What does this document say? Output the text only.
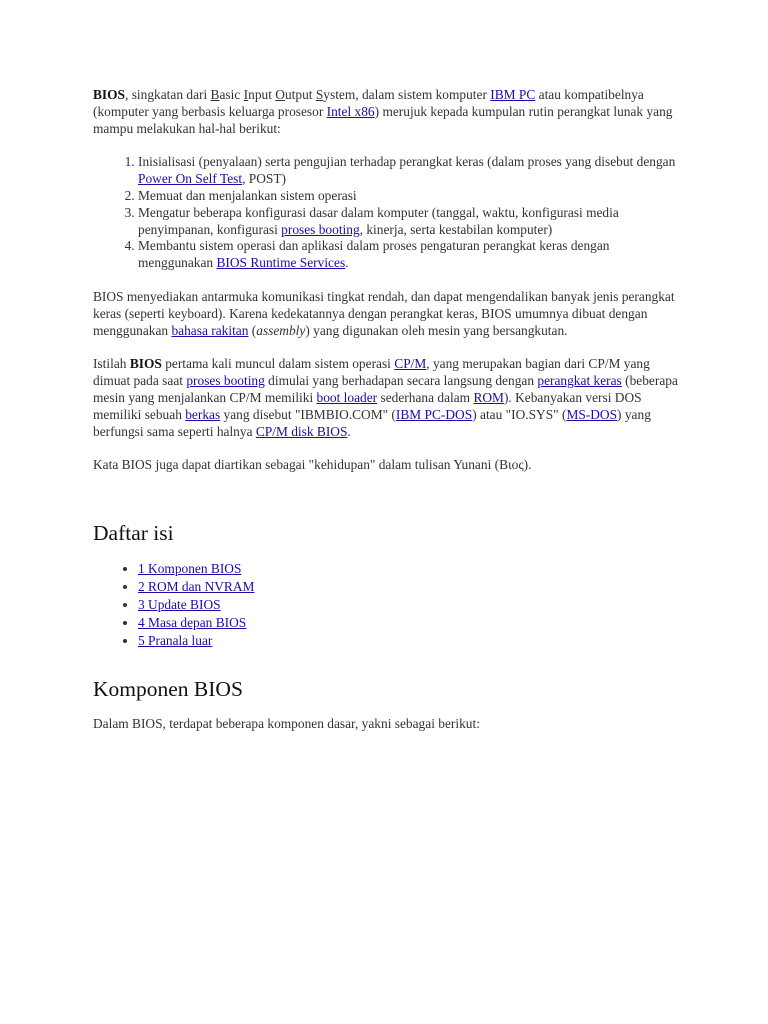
BIOS, singkatan dari Basic Input Output System, dalam sistem komputer IBM PC atau kompatibelnya (komputer yang berbasis keluarga prosesor Intel x86) merujuk kepada kumpulan rutin perangkat lunak yang mampu melakukan hal-hal berikut:

1. Inisialisasi (penyalaan) serta pengujian terhadap perangkat keras (dalam proses yang disebut dengan Power On Self Test, POST)
2. Memuat dan menjalankan sistem operasi
3. Mengatur beberapa konfigurasi dasar dalam komputer (tanggal, waktu, konfigurasi media penyimpanan, konfigurasi proses booting, kinerja, serta kestabilan komputer)
4. Membantu sistem operasi dan aplikasi dalam proses pengaturan perangkat keras dengan menggunakan BIOS Runtime Services.

BIOS menyediakan antarmuka komunikasi tingkat rendah, dan dapat mengendalikan banyak jenis perangkat keras (seperti keyboard). Karena kedekatannya dengan perangkat keras, BIOS umumnya dibuat dengan menggunakan bahasa rakitan (assembly) yang digunakan oleh mesin yang bersangkutan.

Istilah BIOS pertama kali muncul dalam sistem operasi CP/M, yang merupakan bagian dari CP/M yang dimuat pada saat proses booting dimulai yang berhadapan secara langsung dengan perangkat keras (beberapa mesin yang menjalankan CP/M memiliki boot loader sederhana dalam ROM). Kebanyakan versi DOS memiliki sebuah berkas yang disebut "IBMBIO.COM" (IBM PC-DOS) atau "IO.SYS" (MS-DOS) yang berfungsi sama seperti halnya CP/M disk BIOS.

Kata BIOS juga dapat diartikan sebagai "kehidupan" dalam tulisan Yunani (Βιος).

Daftar isi
• 1 Komponen BIOS
• 2 ROM dan NVRAM
• 3 Update BIOS
• 4 Masa depan BIOS
• 5 Pranala luar
Komponen BIOS

Dalam BIOS, terdapat beberapa komponen dasar, yakni sebagai berikut:
